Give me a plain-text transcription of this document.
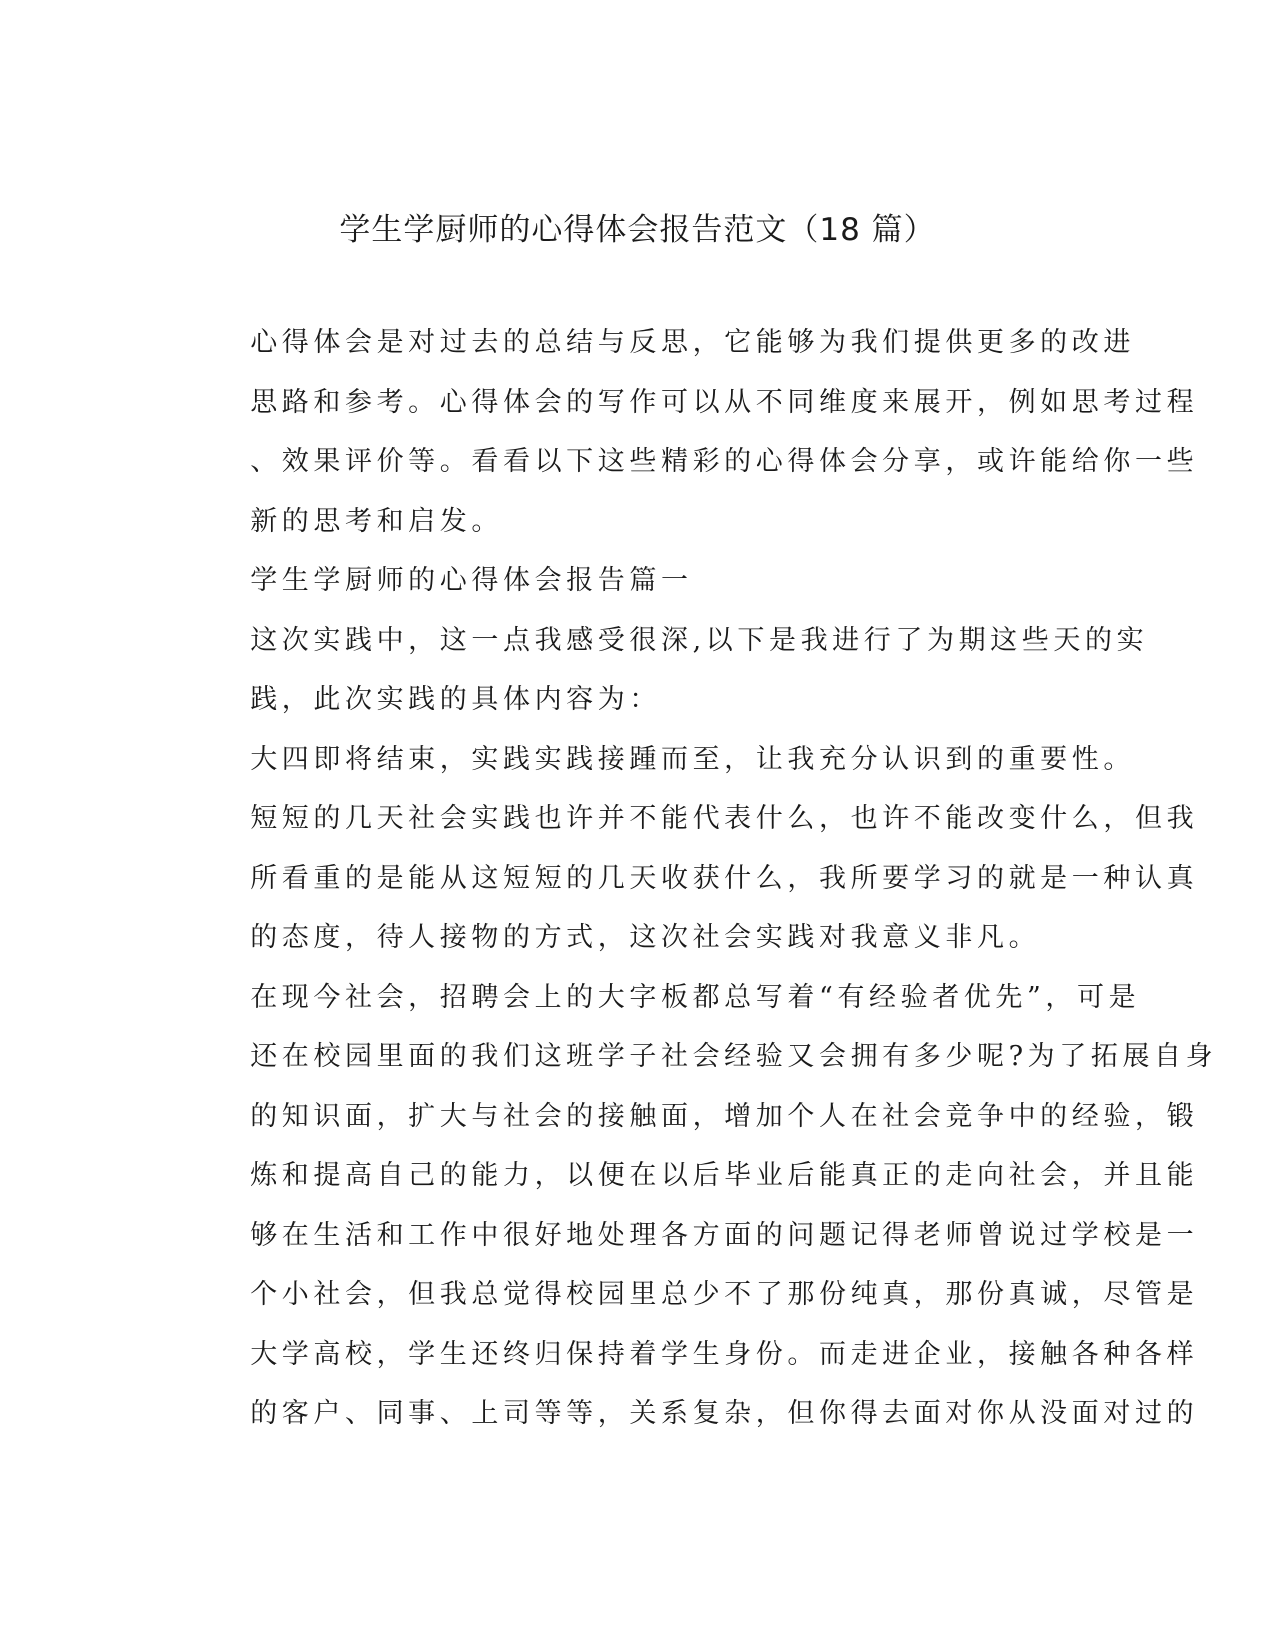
学生学厨师的心得体会报告范文（18 篇）

心得体会是对过去的总结与反思，它能够为我们提供更多的改进
思路和参考。心得体会的写作可以从不同维度来展开，例如思考过程
、效果评价等。看看以下这些精彩的心得体会分享，或许能给你一些
新的思考和启发。

学生学厨师的心得体会报告篇一

这次实践中，这一点我感受很深,以下是我进行了为期这些天的实
践，此次实践的具体内容为：

大四即将结束，实践实践接踵而至，让我充分认识到的重要性。
短短的几天社会实践也许并不能代表什么，也许不能改变什么，但我
所看重的是能从这短短的几天收获什么，我所要学习的就是一种认真
的态度，待人接物的方式，这次社会实践对我意义非凡。

在现今社会，招聘会上的大字板都总写着“有经验者优先”，可是
还在校园里面的我们这班学子社会经验又会拥有多少呢?为了拓展自身
的知识面，扩大与社会的接触面，增加个人在社会竞争中的经验，锻
炼和提高自己的能力，以便在以后毕业后能真正的走向社会，并且能
够在生活和工作中很好地处理各方面的问题记得老师曾说过学校是一
个小社会，但我总觉得校园里总少不了那份纯真，那份真诚，尽管是
大学高校，学生还终归保持着学生身份。而走进企业，接触各种各样
的客户、同事、上司等等，关系复杂，但你得去面对你从没面对过的
